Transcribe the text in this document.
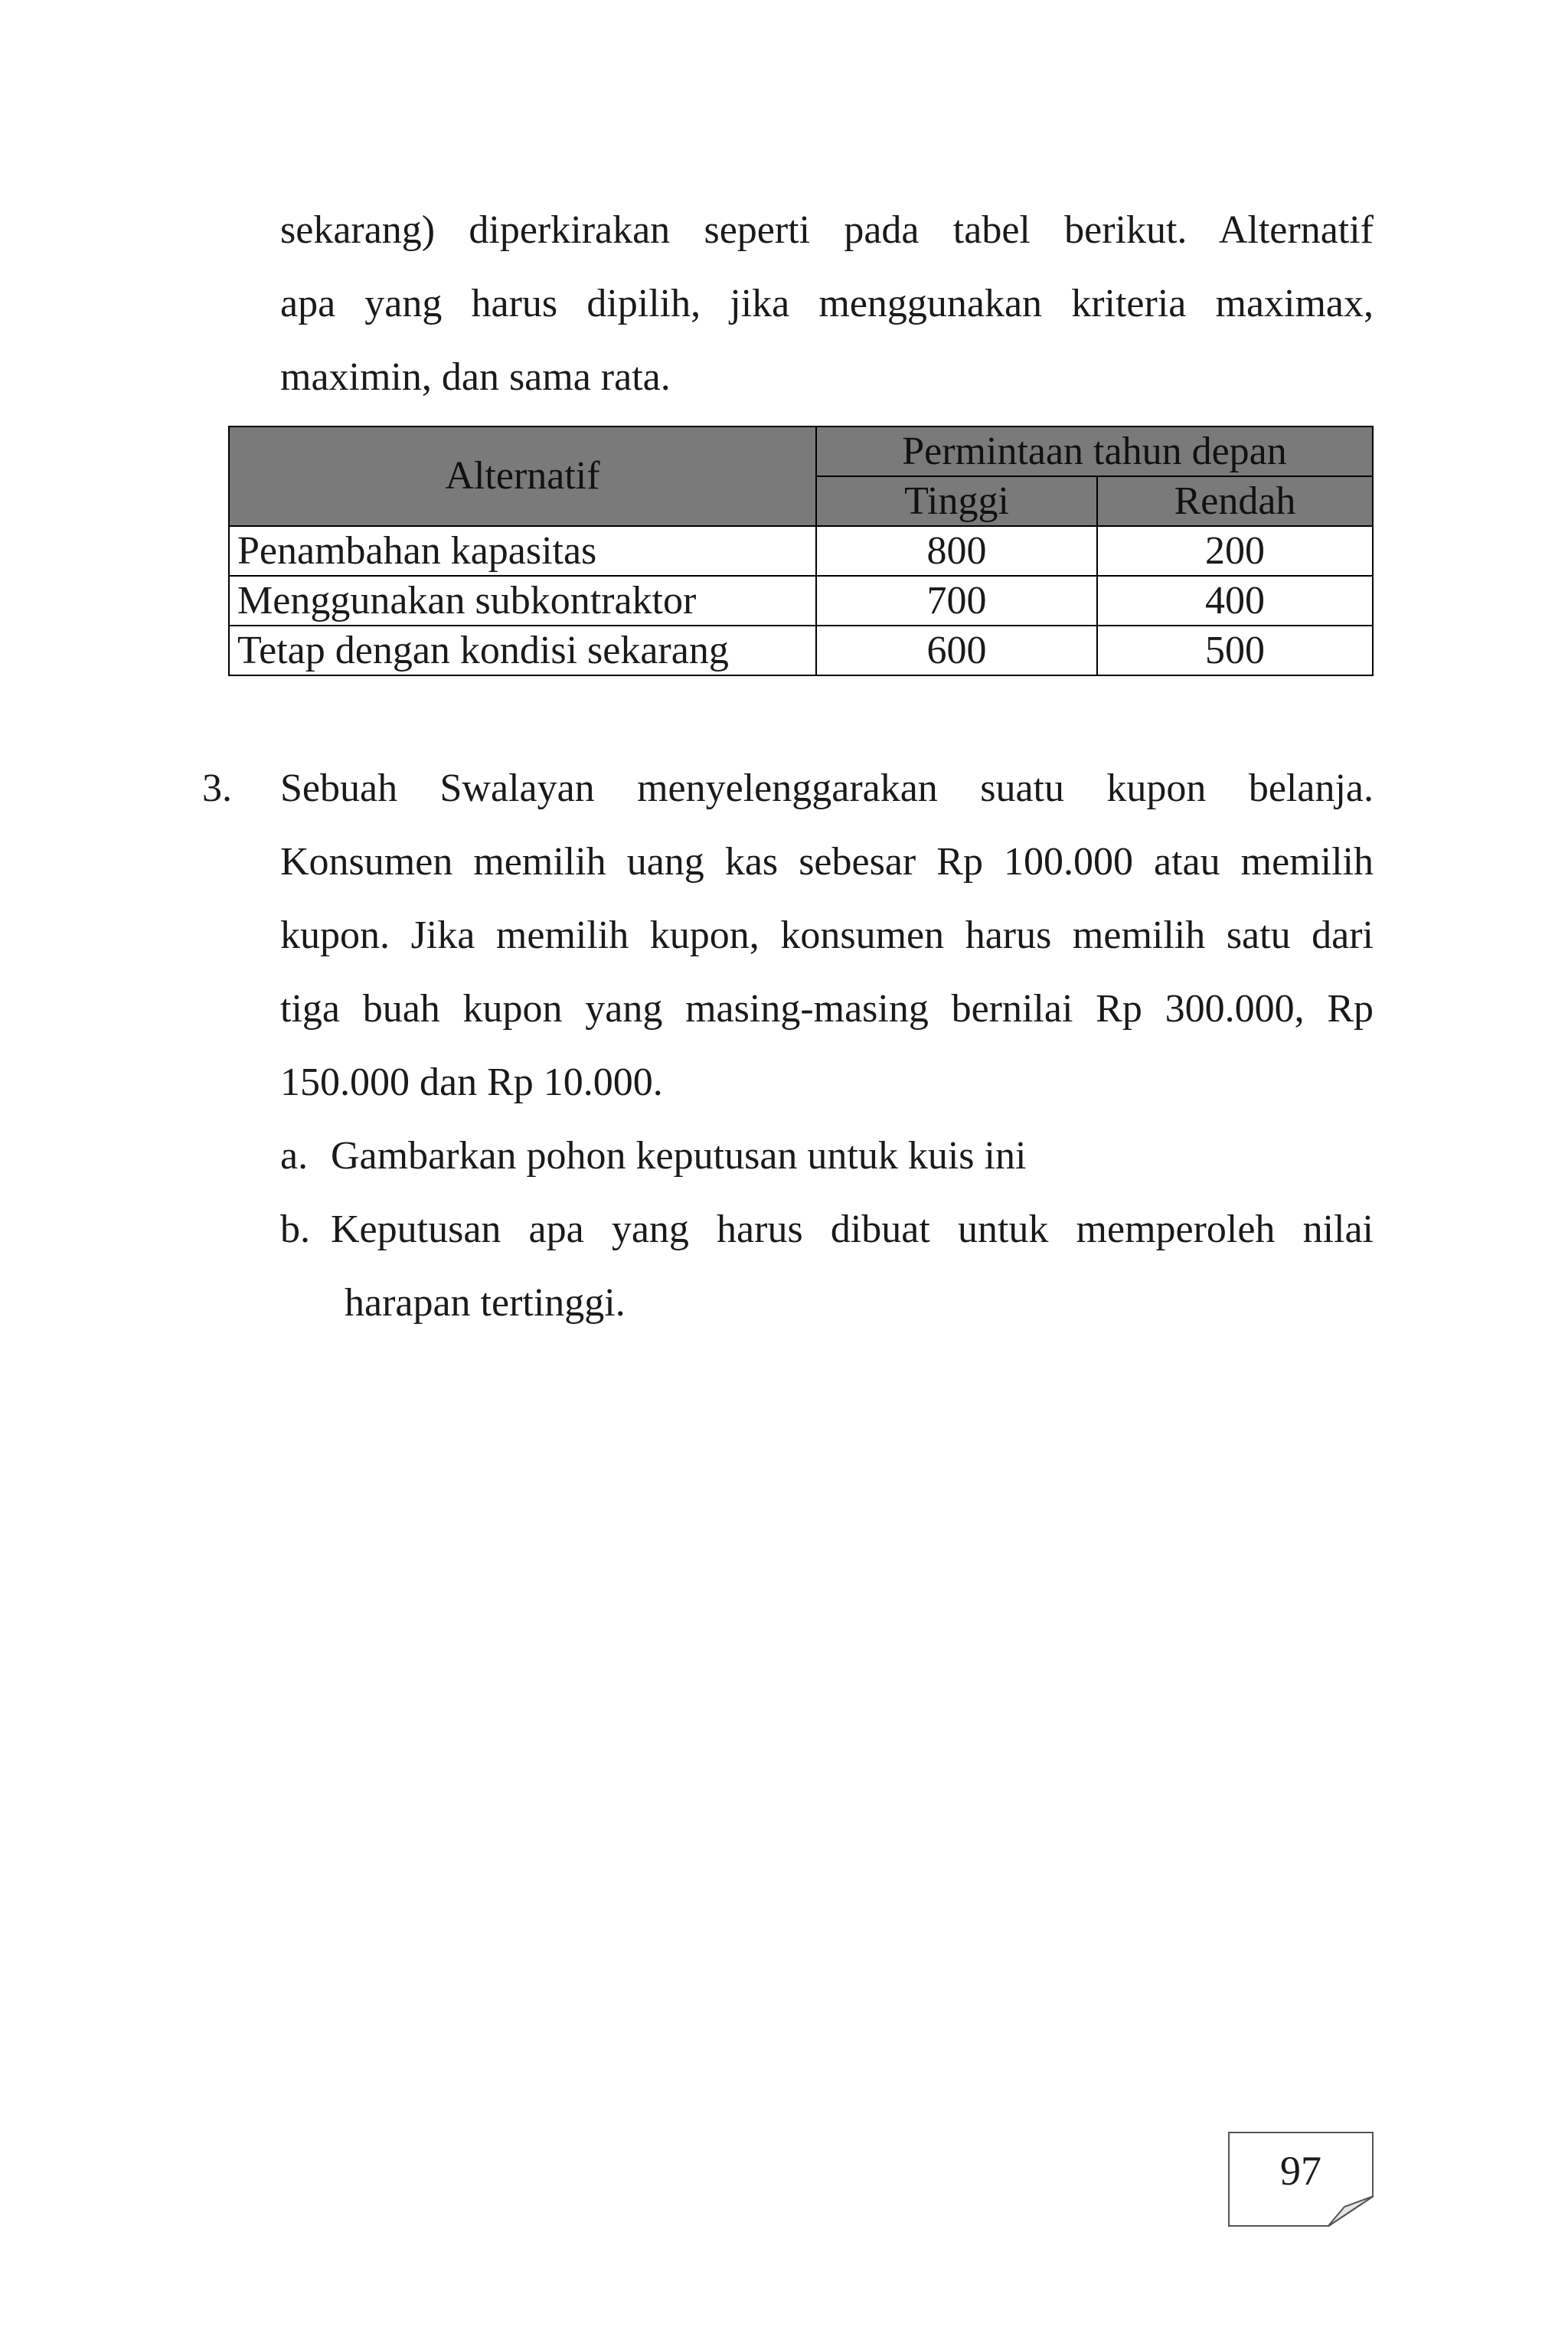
sekarang) diperkirakan seperti pada tabel berikut. Alternatif
apa yang harus dipilih, jika menggunakan kriteria maximax,
maximin, dan sama rata.
Alternatif	Permintaan tahun depan	
	Tinggi	Rendah
Penambahan kapasitas	800	200
Menggunakan subkontraktor	700	400
Tetap dengan kondisi sekarang	600	500
3. Sebuah Swalayan menyelenggarakan suatu kupon belanja.
Konsumen memilih uang kas sebesar Rp 100.000 atau memilih
kupon. Jika memilih kupon, konsumen harus memilih satu dari
tiga buah kupon yang masing-masing bernilai Rp 300.000, Rp
150.000 dan Rp 10.000.
a. Gambarkan pohon keputusan untuk kuis ini
b. Keputusan apa yang harus dibuat untuk memperoleh nilai
harapan tertinggi.
97
